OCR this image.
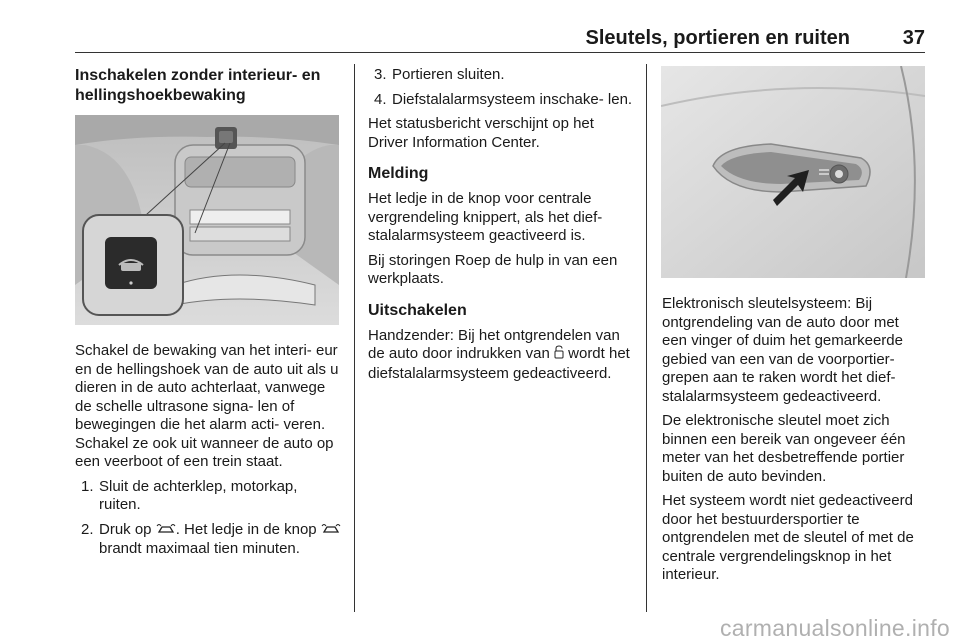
Sleutels, portieren en ruiten	37
Inschakelen zonder interieur- en hellingshoekbewaking

Schakel de bewaking van het interi- eur en de hellingshoek van de auto uit als u dieren in de auto achterlaat, vanwege de schelle ultrasone signa- len of bewegingen die het alarm acti- veren. Schakel ze ook uit wanneer de auto op een veerboot of een trein staat.

1. Sluit de achterklep, motorkap, ruiten.
2. Druk op . Het ledje in de knop  brandt maximaal tien minuten.
3. Portieren sluiten.
4. Diefstalalarmsysteem inschake- len.

Het statusbericht verschijnt op het Driver Information Center.

Melding

Het ledje in de knop voor centrale vergrendeling knippert, als het dief- stalalarmsysteem geactiveerd is.

Bij storingen Roep de hulp in van een werkplaats.

Uitschakelen

Handzender: Bij het ontgrendelen van de auto door indrukken van wordt het diefstalalarmsysteem gedeactiveerd.

Elektronisch sleutelsysteem: Bij ontgrendeling van de auto door met een vinger of duim het gemarkeerde gebied van een van de voorportier- grepen aan te raken wordt het dief- stalalarmsysteem gedeactiveerd.

De elektronische sleutel moet zich binnen een bereik van ongeveer één meter van het desbetreffende portier buiten de auto bevinden.

Het systeem wordt niet gedeactiveerd door het bestuurdersportier te ontgrendelen met de sleutel of met de centrale vergrendelingsknop in het interieur.

carmanualsonline.info
